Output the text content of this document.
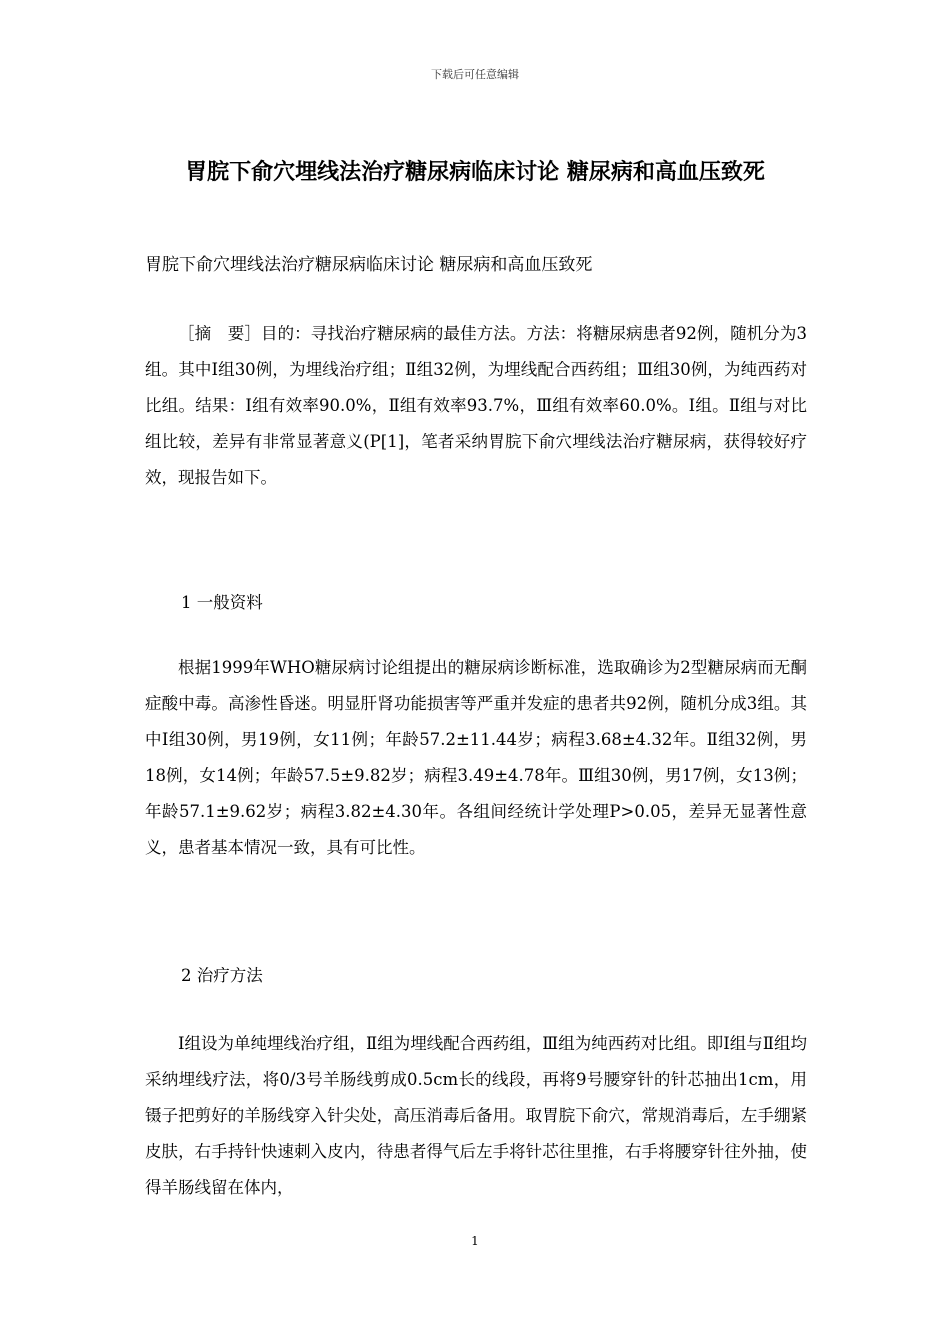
下载后可任意编辑
胃脘下俞穴埋线法治疗糖尿病临床讨论 糖尿病和高血压致死

胃脘下俞穴埋线法治疗糖尿病临床讨论 糖尿病和高血压致死

［摘　要］目的：寻找治疗糖尿病的最佳方法。方法：将糖尿病患者92例，随机分为3组。其中Ⅰ组30例，为埋线治疗组；Ⅱ组32例，为埋线配合西药组；Ⅲ组30例，为纯西药对比组。结果：Ⅰ组有效率90.0%，Ⅱ组有效率93.7%，Ⅲ组有效率60.0%。Ⅰ组。Ⅱ组与对比组比较，差异有非常显著意义(P[1]，笔者采纳胃脘下俞穴埋线法治疗糖尿病，获得较好疗效，现报告如下。

1 一般资料

根据1999年WHO糖尿病讨论组提出的糖尿病诊断标准，选取确诊为2型糖尿病而无酮症酸中毒。高渗性昏迷。明显肝肾功能损害等严重并发症的患者共92例，随机分成3组。其中Ⅰ组30例，男19例，女11例；年龄57.2±11.44岁；病程3.68±4.32年。Ⅱ组32例，男18例，女14例；年龄57.5±9.82岁；病程3.49±4.78年。Ⅲ组30例，男17例，女13例；年龄57.1±9.62岁；病程3.82±4.30年。各组间经统计学处理P>0.05，差异无显著性意义，患者基本情况一致，具有可比性。

2 治疗方法

Ⅰ组设为单纯埋线治疗组，Ⅱ组为埋线配合西药组，Ⅲ组为纯西药对比组。即Ⅰ组与Ⅱ组均采纳埋线疗法，将0/3号羊肠线剪成0.5cm长的线段，再将9号腰穿针的针芯抽出1cm，用镊子把剪好的羊肠线穿入针尖处，高压消毒后备用。取胃脘下俞穴，常规消毒后，左手绷紧皮肤，右手持针快速刺入皮内，待患者得气后左手将针芯往里推，右手将腰穿针往外抽，使得羊肠线留在体内，

1
